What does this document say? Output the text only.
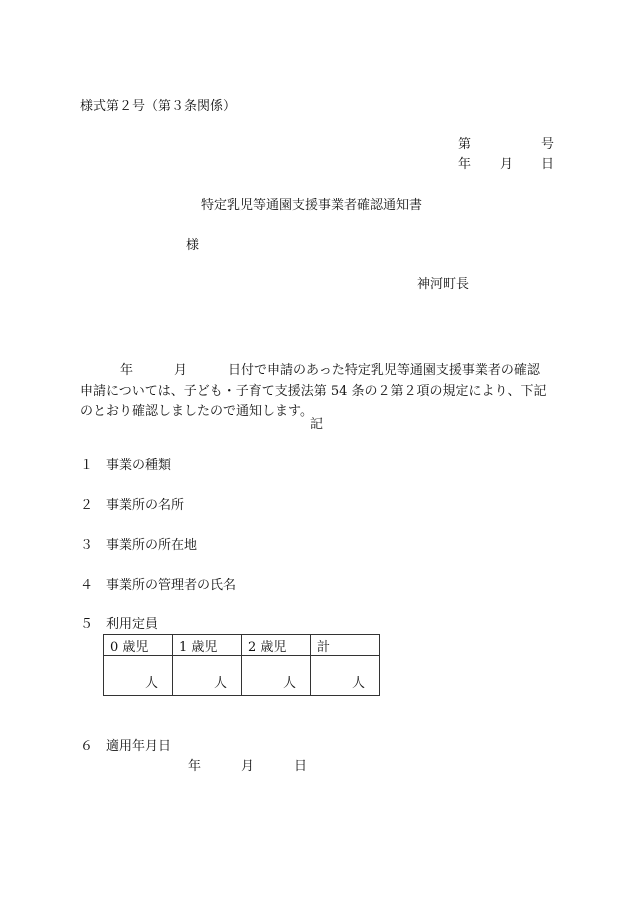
様式第２号（第３条関係）
第	号
年 月 日
特定乳児等通園支援事業者確認通知書
様
神河町長
年	月	日付で申請のあった特定乳児等通園支援事業者の確認
申請については、子ども・子育て支援法第 54 条の２第２項の規定により、下記
のとおり確認しましたので通知します。
記
１ 事業の種類
２ 事業所の名所
３ 事業所の所在地
４ 事業所の管理者の氏名
５ 利用定員
0 歳児	1 歳児	2 歳児	計
人	人	人	人
６ 適用年月日
年	月	日
